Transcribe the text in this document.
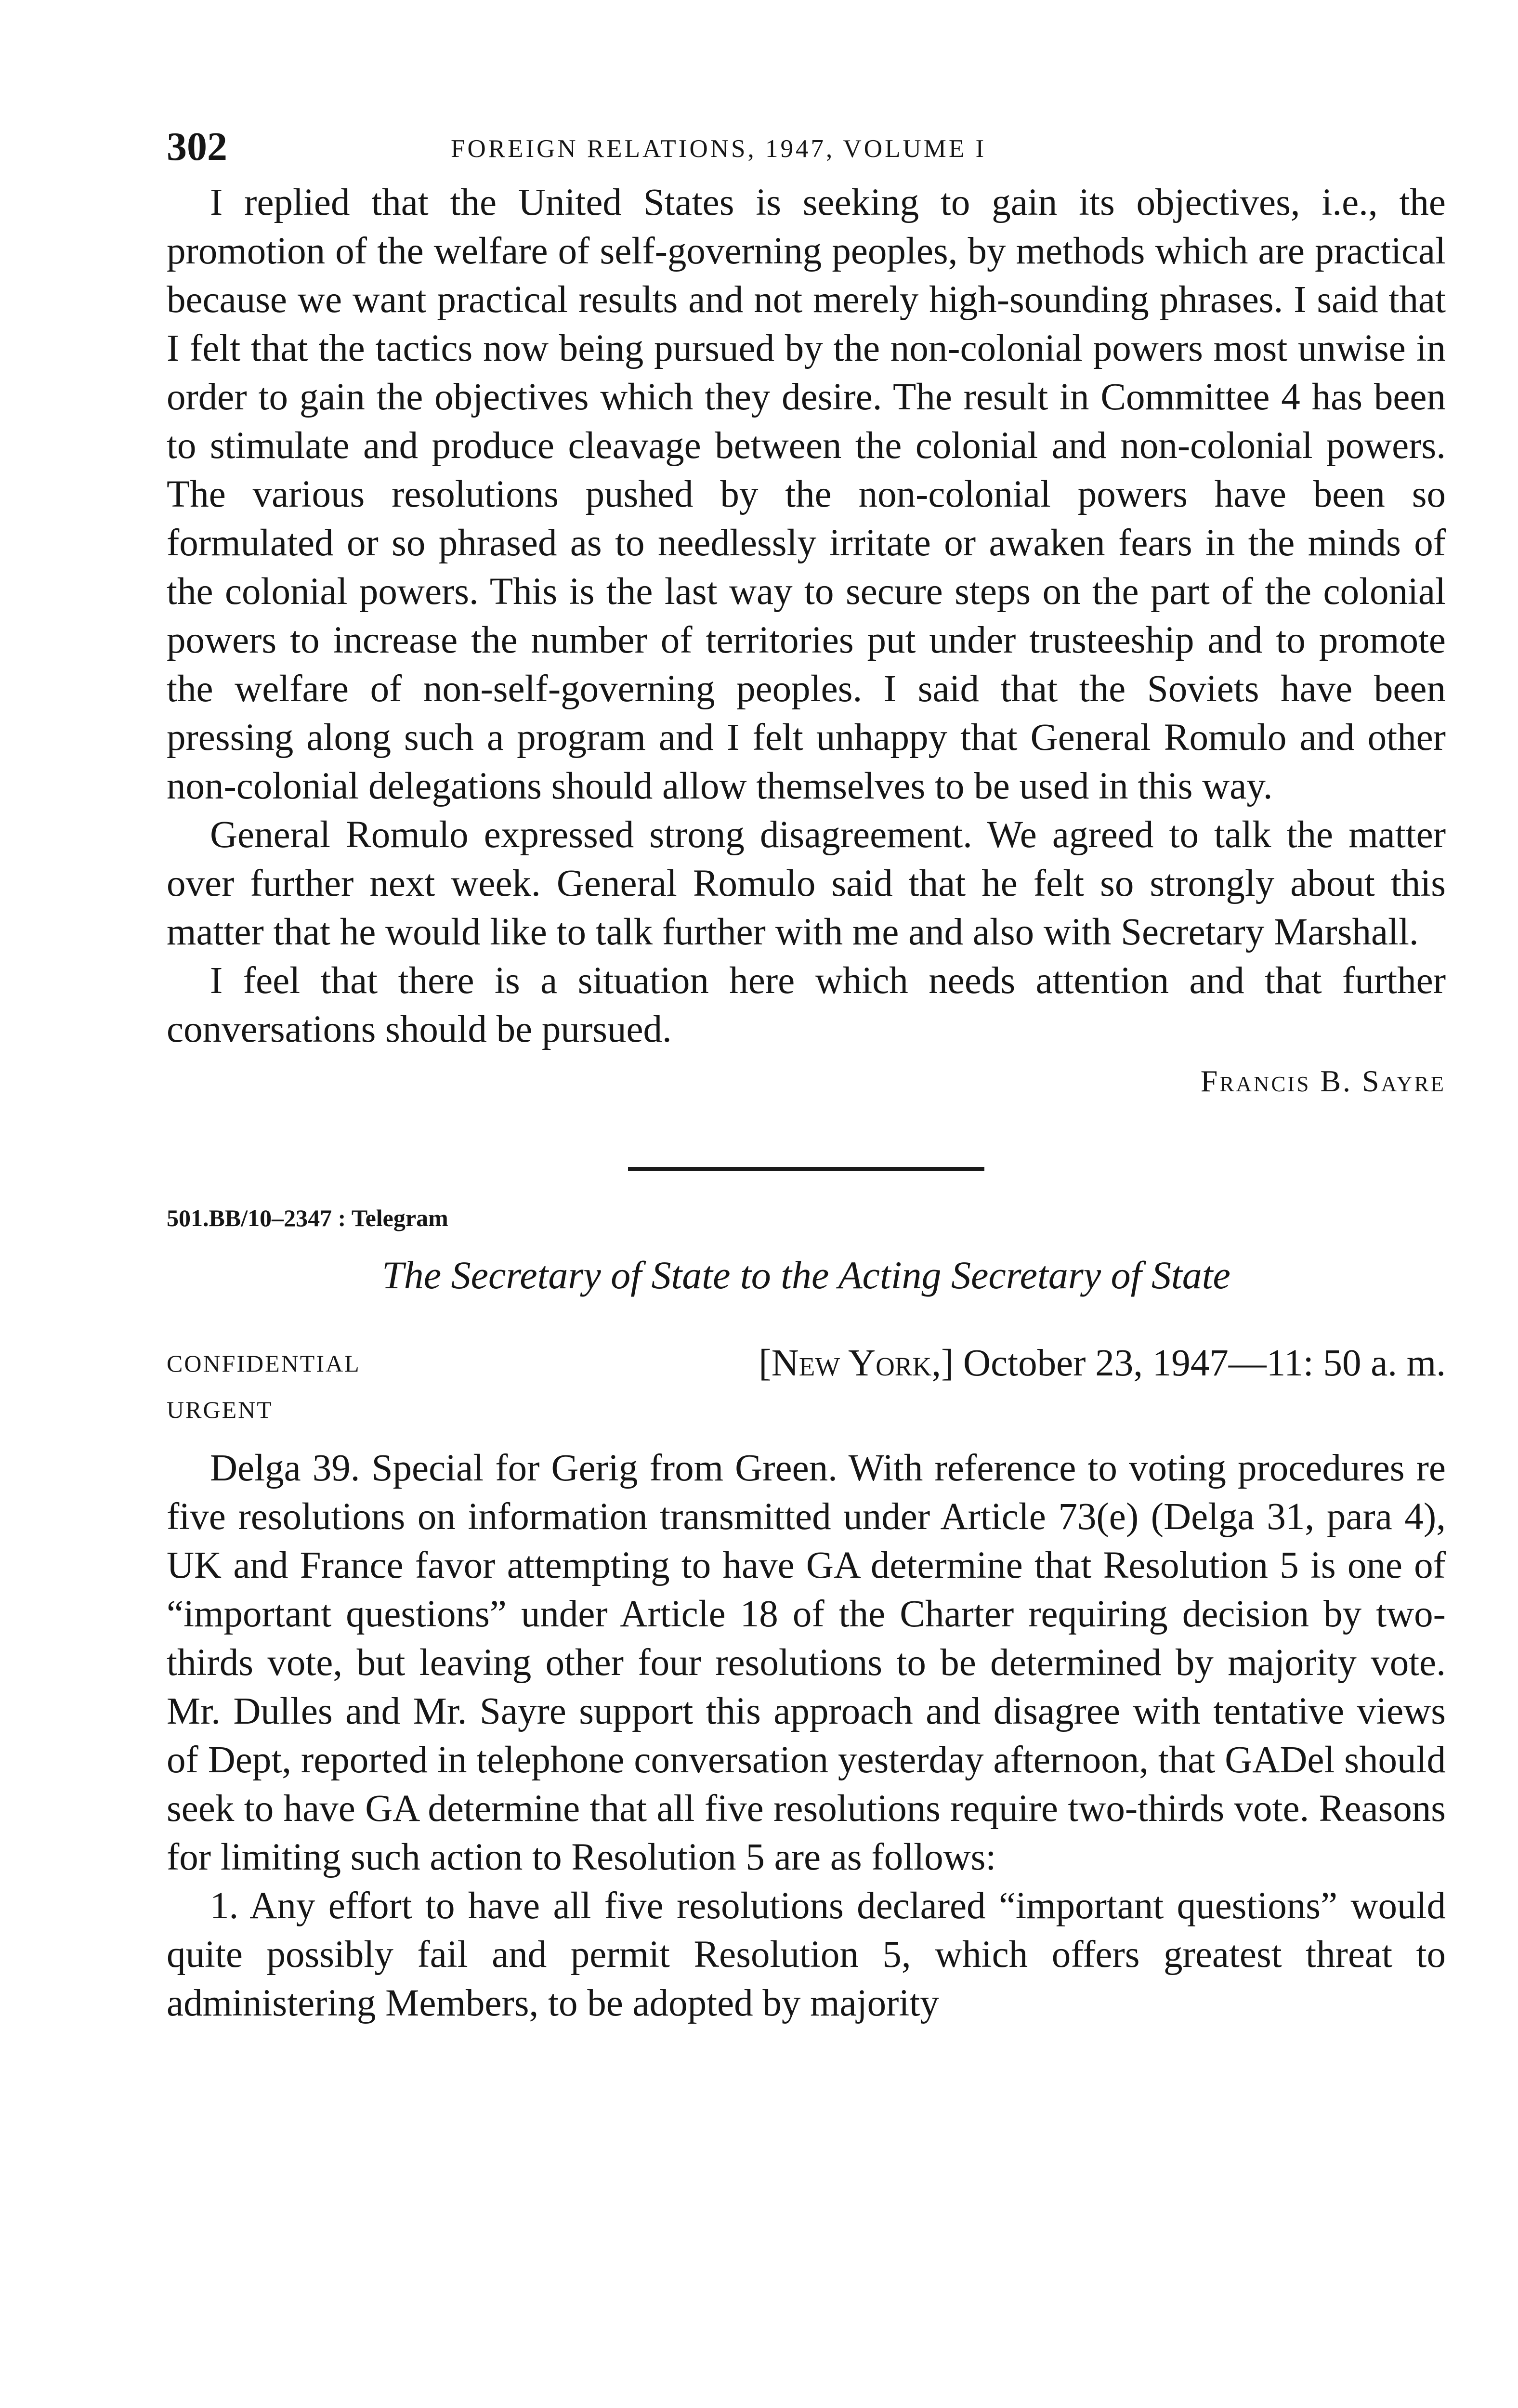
302	FOREIGN RELATIONS, 1947, VOLUME I

I replied that the United States is seeking to gain its objectives, i.e., the promotion of the welfare of self-governing peoples, by methods which are practical because we want practical results and not merely high-sounding phrases. I said that I felt that the tactics now being pursued by the non-colonial powers most unwise in order to gain the objectives which they desire. The result in Committee 4 has been to stimulate and produce cleavage between the colonial and non-colonial powers. The various resolutions pushed by the non-colonial powers have been so formulated or so phrased as to needlessly irritate or awaken fears in the minds of the colonial powers. This is the last way to secure steps on the part of the colonial powers to increase the number of territories put under trusteeship and to promote the welfare of non-self-governing peoples. I said that the Soviets have been pressing along such a program and I felt unhappy that General Romulo and other non-colonial delegations should allow themselves to be used in this way.

General Romulo expressed strong disagreement. We agreed to talk the matter over further next week. General Romulo said that he felt so strongly about this matter that he would like to talk further with me and also with Secretary Marshall.

I feel that there is a situation here which needs attention and that further conversations should be pursued.

Francis B. Sayre
501.BB/10–2347 : Telegram
The Secretary of State to the Acting Secretary of State
CONFIDENTIAL
URGENT
[New York,] October 23, 1947—11: 50 a. m.

Delga 39. Special for Gerig from Green. With reference to voting procedures re five resolutions on information transmitted under Article 73(e) (Delga 31, para 4), UK and France favor attempting to have GA determine that Resolution 5 is one of “important questions” under Article 18 of the Charter requiring decision by two-thirds vote, but leaving other four resolutions to be determined by majority vote. Mr. Dulles and Mr. Sayre support this approach and disagree with tentative views of Dept, reported in telephone conversation yesterday afternoon, that GADel should seek to have GA determine that all five resolutions require two-thirds vote. Reasons for limiting such action to Resolution 5 are as follows:

1. Any effort to have all five resolutions declared “important questions” would quite possibly fail and permit Resolution 5, which offers greatest threat to administering Members, to be adopted by majority
